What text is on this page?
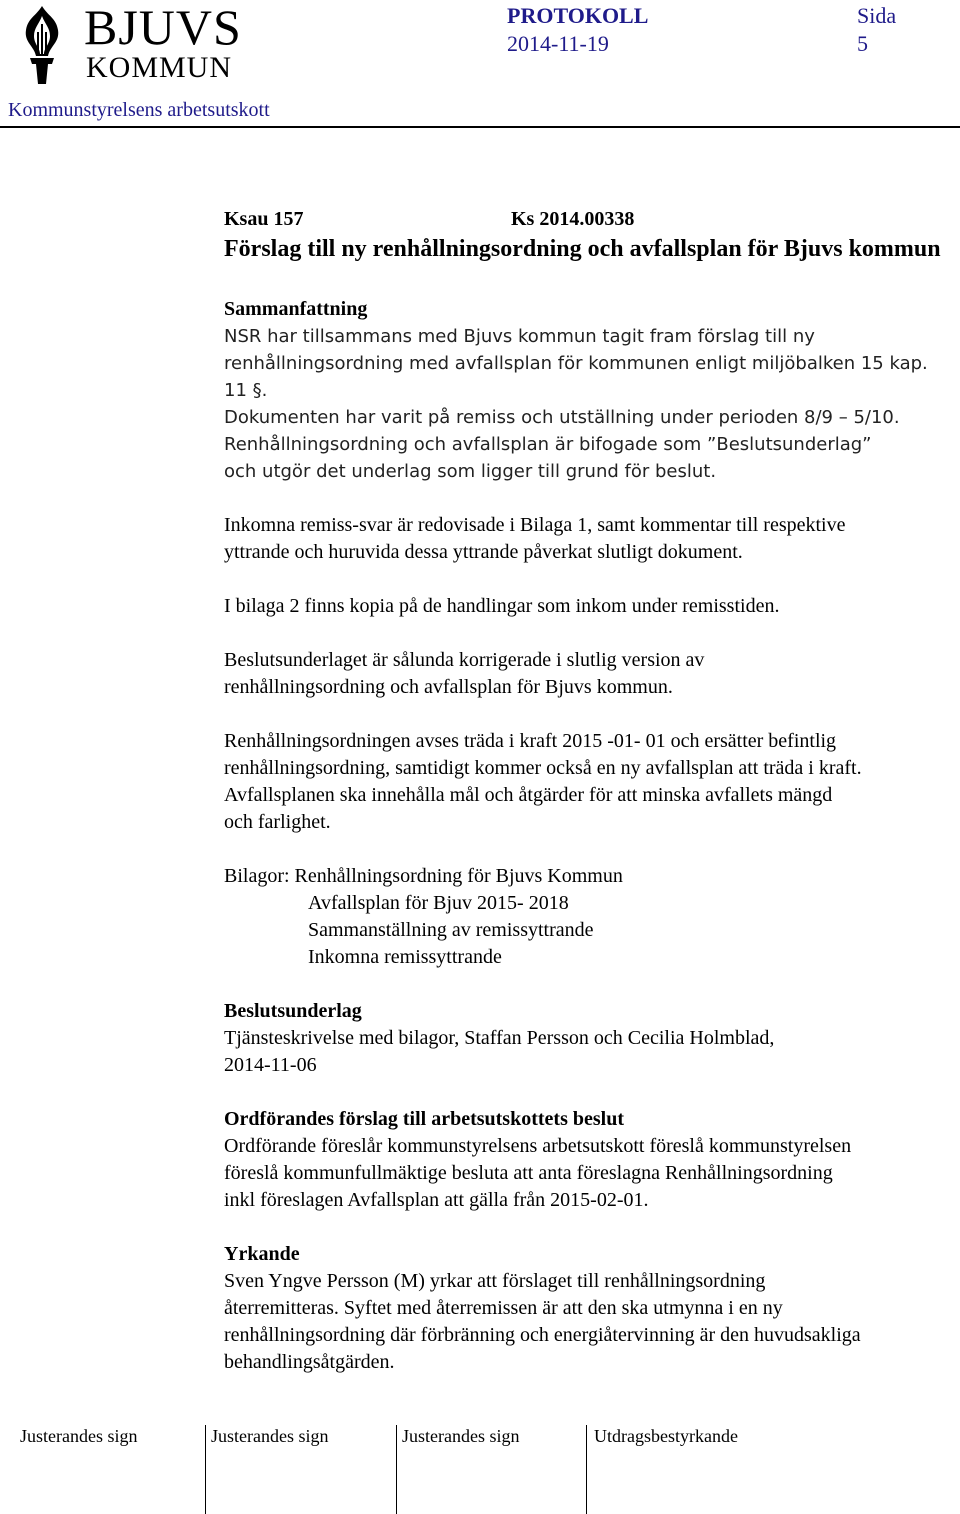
BJUVS
KOMMUN
PROTOKOLL
2014-11-19
Sida
5
Kommunstyrelsens arbetsutskott
Ksau 157	Ks 2014.00338

Förslag till ny renhållningsordning och avfallsplan för Bjuvs kommun

Sammanfattning

NSR har tillsammans med Bjuvs kommun tagit fram förslag till ny

renhållningsordning med avfallsplan för kommunen enligt miljöbalken 15 kap.

11 §.

Dokumenten har varit på remiss och utställning under perioden 8/9 – 5/10.

Renhållningsordning och avfallsplan är bifogade som ”Beslutsunderlag”

och utgör det underlag som ligger till grund för beslut.

Inkomna remiss-svar är redovisade i Bilaga 1, samt kommentar till respektive

yttrande och huruvida dessa yttrande påverkat slutligt dokument.

I bilaga 2 finns kopia på de handlingar som inkom under remisstiden.

Beslutsunderlaget är sålunda korrigerade i slutlig version av

renhållningsordning och avfallsplan för Bjuvs kommun.

Renhållningsordningen avses träda i kraft 2015 -01- 01 och ersätter befintlig

renhållningsordning, samtidigt kommer också en ny avfallsplan att träda i kraft.

Avfallsplanen ska innehålla mål och åtgärder för att minska avfallets mängd

och farlighet.

Bilagor: Renhållningsordning för Bjuvs Kommun

Avfallsplan för Bjuv 2015- 2018

Sammanställning av remissyttrande

Inkomna remissyttrande

Beslutsunderlag

Tjänsteskrivelse med bilagor, Staffan Persson och Cecilia Holmblad,

2014-11-06

Ordförandes förslag till arbetsutskottets beslut

Ordförande föreslår kommunstyrelsens arbetsutskott föreslå kommunstyrelsen

föreslå kommunfullmäktige besluta att anta föreslagna Renhållningsordning

inkl föreslagen Avfallsplan att gälla från 2015-02-01.

Yrkande

Sven Yngve Persson (M) yrkar att förslaget till renhållningsordning

återremitteras. Syftet med återremissen är att den ska utmynna i en ny

renhållningsordning där förbränning och energiåtervinning är den huvudsakliga

behandlingsåtgärden.

Justerandes sign	Justerandes sign	Justerandes sign	Utdragsbestyrkande
